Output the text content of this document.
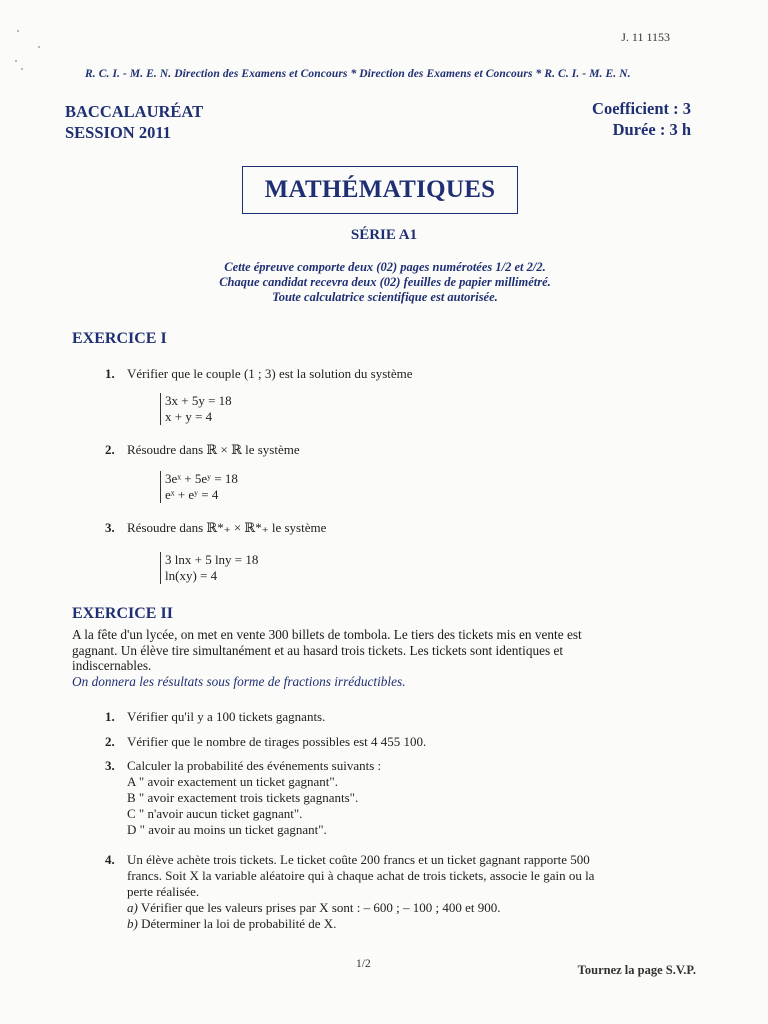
J. 11 1153
R. C. I. - M. E. N. Direction des Examens et Concours * Direction des Examens et Concours * R. C. I. - M. E. N.
BACCALAURÉAT
SESSION 2011
Coefficient : 3
Durée : 3 h
MATHÉMATIQUES
SÉRIE A1
Cette épreuve comporte deux (02) pages numérotées 1/2 et 2/2.
Chaque candidat recevra deux (02) feuilles de papier millimétré.
Toute calculatrice scientifique est autorisée.
EXERCICE I
1. Vérifier que le couple (1 ; 3) est la solution du système
3x + 5y = 18
x + y = 4
2. Résoudre dans ℝ × ℝ le système
3eˣ + 5eʸ = 18
eˣ + eʸ = 4
3. Résoudre dans ℝ*₊ × ℝ*₊ le système
3 lnx + 5 lny = 18
ln(xy) = 4
EXERCICE II
A la fête d'un lycée, on met en vente 300 billets de tombola. Le tiers des tickets mis en vente est
gagnant. Un élève tire simultanément et au hasard trois tickets. Les tickets sont identiques et
indiscernables.
On donnera les résultats sous forme de fractions irréductibles.
1. Vérifier qu'il y a 100 tickets gagnants.
2. Vérifier que le nombre de tirages possibles est 4 455 100.
3. Calculer la probabilité des événements suivants :
A " avoir exactement un ticket gagnant".
B " avoir exactement trois tickets gagnants".
C " n'avoir aucun ticket gagnant".
D " avoir au moins un ticket gagnant".
4. Un élève achète trois tickets. Le ticket coûte 200 francs et un ticket gagnant rapporte 500
francs. Soit X la variable aléatoire qui à chaque achat de trois tickets, associe le gain ou la
perte réalisée.
a) Vérifier que les valeurs prises par X sont : – 600 ; – 100 ; 400 et 900.
b) Déterminer la loi de probabilité de X.
1/2	Tournez la page S.V.P.
